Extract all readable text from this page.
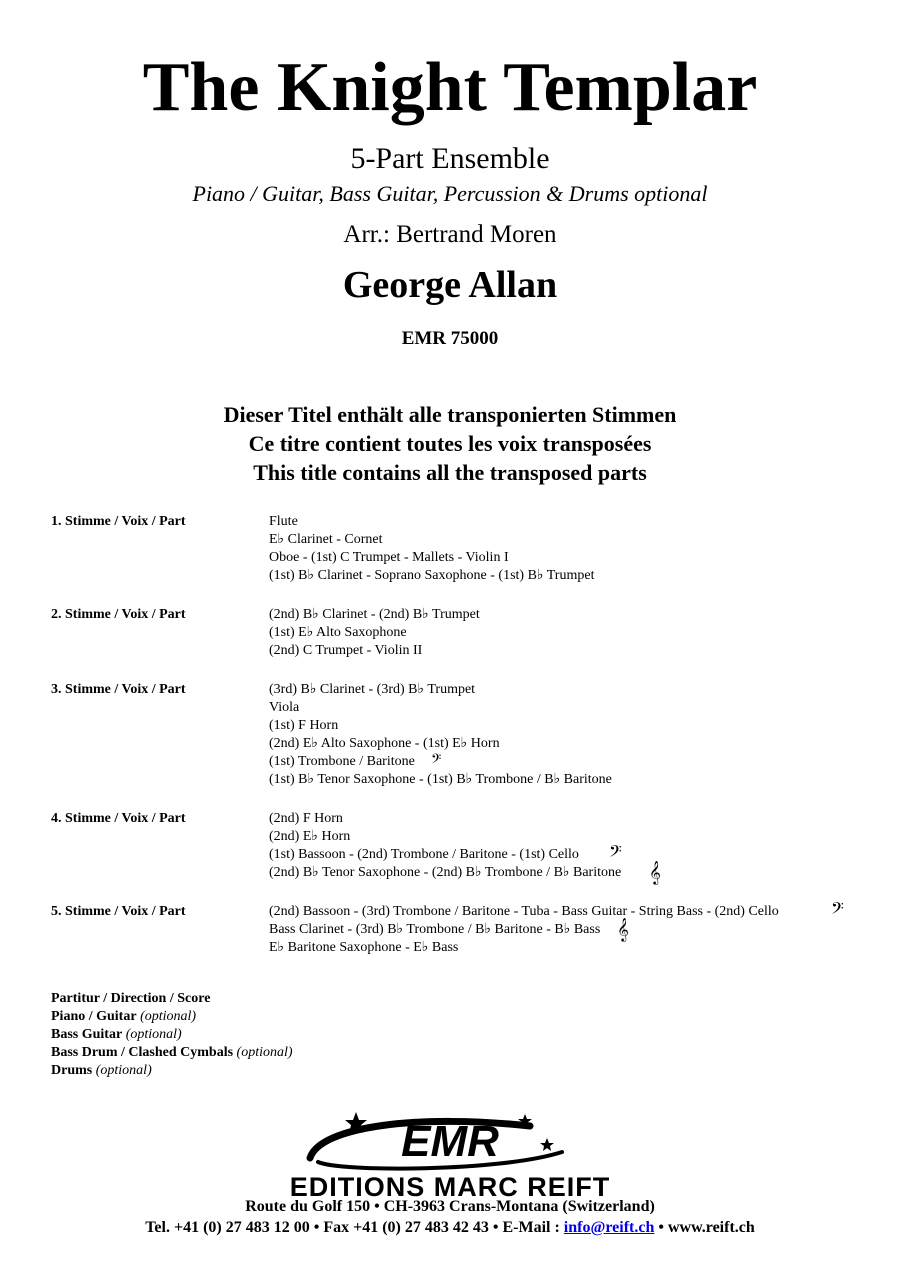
The Knight Templar
5-Part Ensemble
Piano / Guitar, Bass Guitar, Percussion & Drums optional
Arr.: Bertrand Moren
George Allan
EMR 75000
Dieser Titel enthält alle transponierten Stimmen
Ce titre contient toutes les voix transposées
This title contains all the transposed parts
1. Stimme / Voix / Part	Flute
E♭ Clarinet - Cornet
Oboe - (1st) C Trumpet - Mallets - Violin I
(1st) B♭ Clarinet - Soprano Saxophone - (1st) B♭ Trumpet
2. Stimme / Voix / Part	(2nd) B♭ Clarinet - (2nd) B♭ Trumpet
(1st) E♭ Alto Saxophone
(2nd) C Trumpet - Violin II
3. Stimme / Voix / Part	(3rd) B♭ Clarinet - (3rd) B♭ Trumpet
Viola
(1st) F Horn
(2nd) E♭ Alto Saxophone - (1st) E♭ Horn
(1st) Trombone / Baritone 𝄢
(1st) B♭ Tenor Saxophone - (1st) B♭ Trombone / B♭ Baritone
4. Stimme / Voix / Part	(2nd) F Horn
(2nd) E♭ Horn
(1st) Bassoon - (2nd) Trombone / Baritone - (1st) Cello 𝄢
(2nd) B♭ Tenor Saxophone - (2nd) B♭ Trombone / B♭ Baritone 𝄞
5. Stimme / Voix / Part	(2nd) Bassoon - (3rd) Trombone / Baritone - Tuba - Bass Guitar - String Bass - (2nd) Cello	𝄢
Bass Clarinet - (3rd) B♭ Trombone / B♭ Baritone - B♭ Bass 𝄞
E♭ Baritone Saxophone - E♭ Bass
Partitur / Direction / Score
Piano / Guitar (optional)
Bass Guitar (optional)
Bass Drum / Clashed Cymbals (optional)
Drums (optional)
EMR
EDITIONS MARC REIFT
Route du Golf 150 • CH-3963 Crans-Montana (Switzerland)
Tel. +41 (0) 27 483 12 00 • Fax +41 (0) 27 483 42 43 • E-Mail : info@reift.ch • www.reift.ch
